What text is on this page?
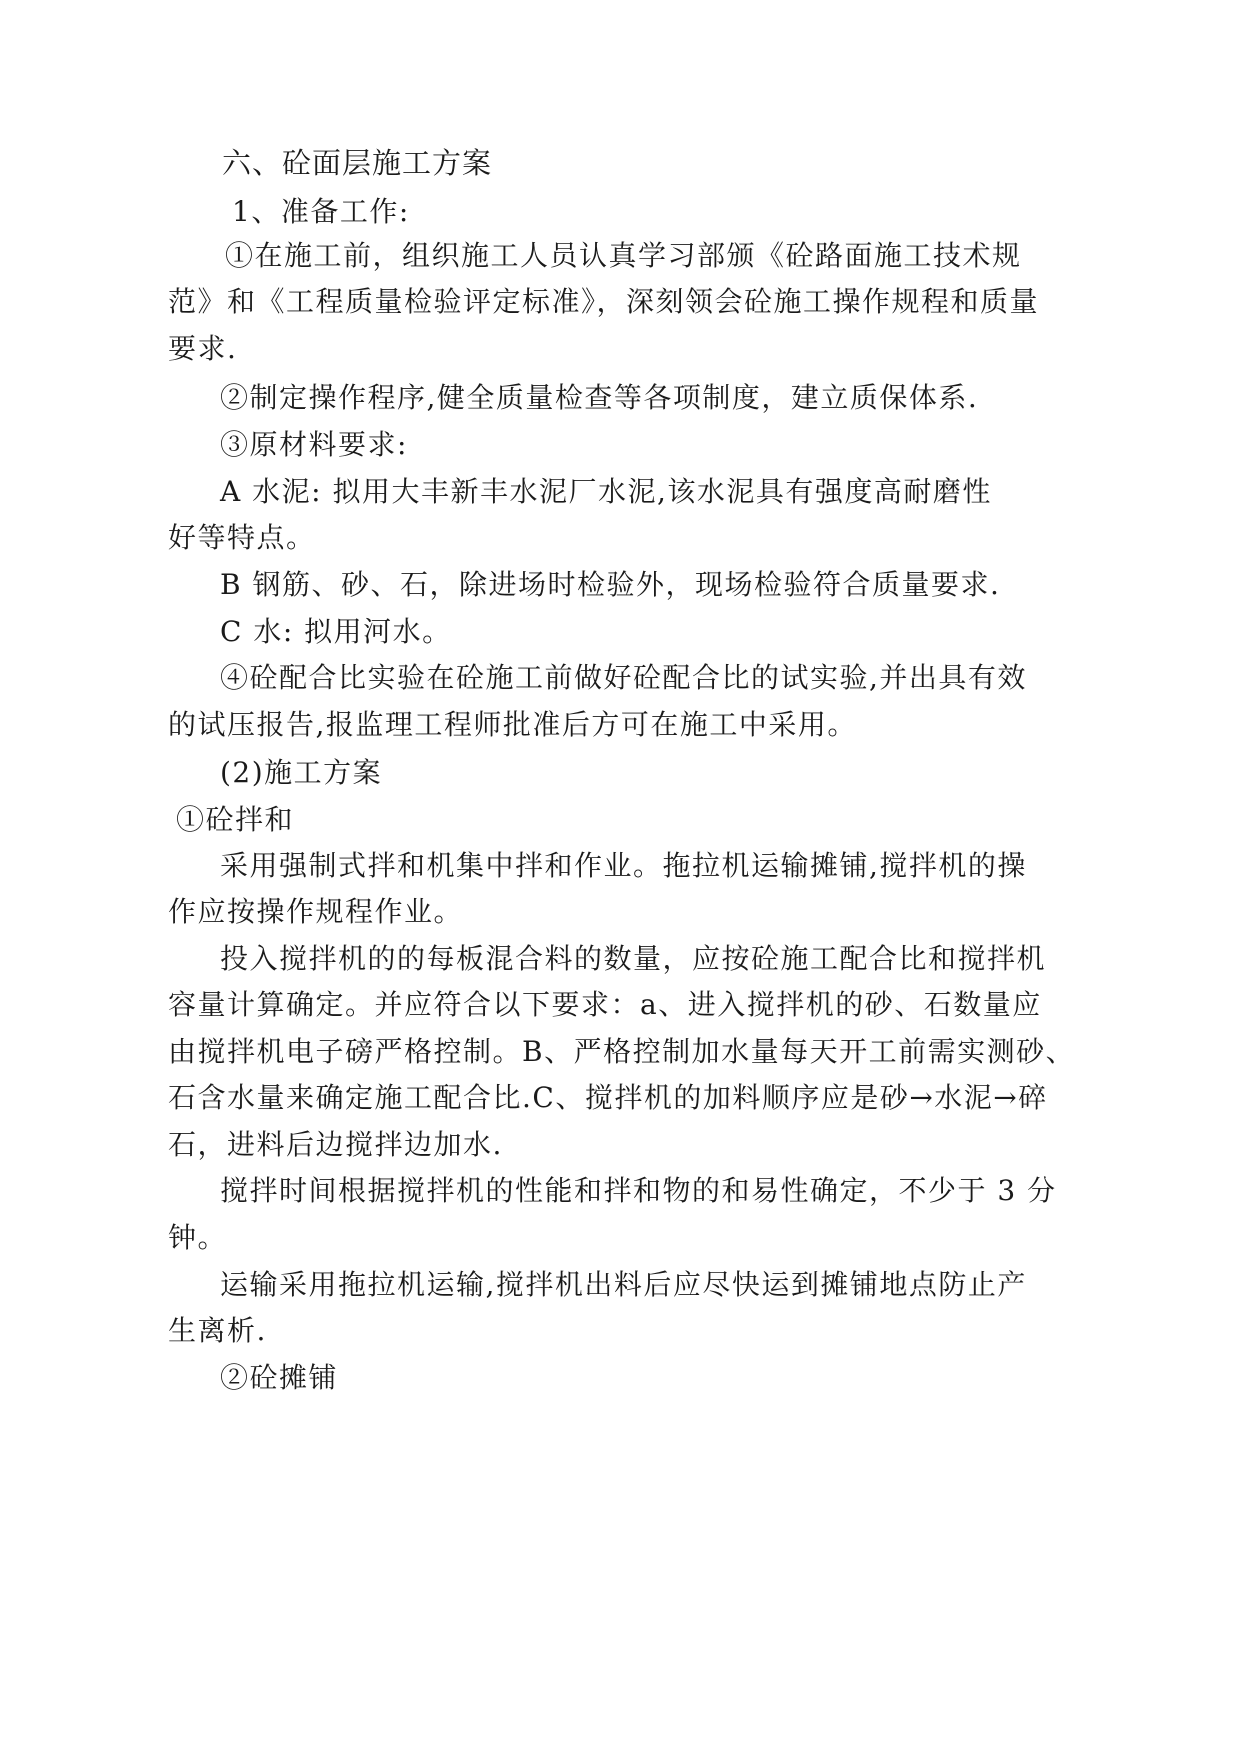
六、砼面层施工方案
1、准备工作:
①在施工前，组织施工人员认真学习部颁《砼路面施工技术规
范》和《工程质量检验评定标准》，深刻领会砼施工操作规程和质量
要求.
②制定操作程序,健全质量检查等各项制度，建立质保体系.
③原材料要求:
A 水泥: 拟用大丰新丰水泥厂水泥,该水泥具有强度高耐磨性
好等特点。
B 钢筋、砂、石，除进场时检验外，现场检验符合质量要求.
C 水: 拟用河水。
④砼配合比实验在砼施工前做好砼配合比的试实验,并出具有效
的试压报告,报监理工程师批准后方可在施工中采用。
(2)施工方案
①砼拌和
采用强制式拌和机集中拌和作业。拖拉机运输摊铺,搅拌机的操
作应按操作规程作业。
投入搅拌机的的每板混合料的数量，应按砼施工配合比和搅拌机
容量计算确定。并应符合以下要求：a、进入搅拌机的砂、石数量应
由搅拌机电子磅严格控制。B、严格控制加水量每天开工前需实测砂、
石含水量来确定施工配合比.C、搅拌机的加料顺序应是砂→水泥→碎
石，进料后边搅拌边加水.
搅拌时间根据搅拌机的性能和拌和物的和易性确定，不少于 3 分
钟。
运输采用拖拉机运输,搅拌机出料后应尽快运到摊铺地点防止产
生离析.
②砼摊铺
